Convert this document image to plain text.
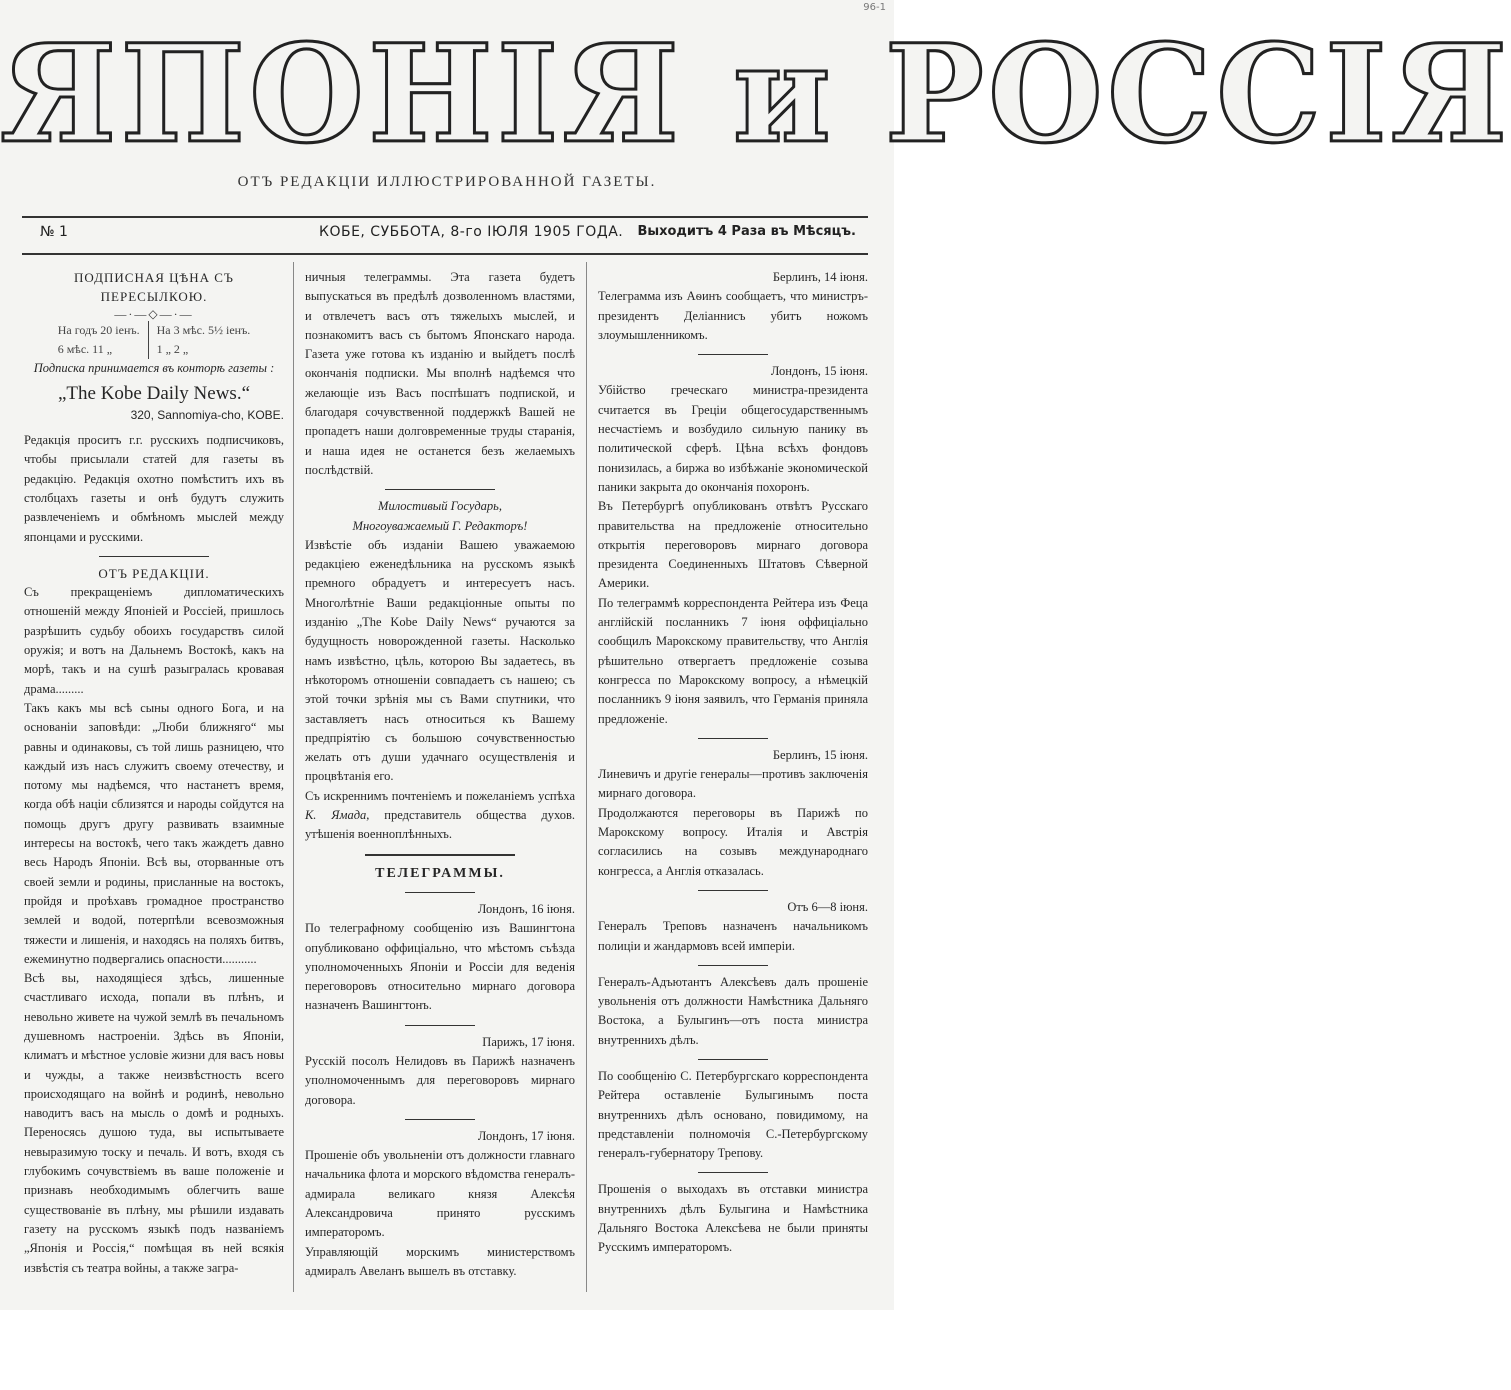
96-1
ЯПОНІЯ и РОССІЯ
ОТЪ РЕДАКЦІИ ИЛЛЮСТРИРОВАННОЙ ГАЗЕТЫ.
№ 1	КОБЕ, СУББОТА, 8-го ІЮЛЯ 1905 ГОДА. Выходитъ 4 Раза въ Мѣсяцъ.
ПОДПИСНАЯ ЦѢНА СЪ ПЕРЕСЫЛКОЮ.
—·—◇—·—
На годъ 20 іенъ.
6 мѣс. 11 „
На 3 мѣс. 5½ іенъ.
1 „ 2 „
Подписка принимается въ конторѣ газеты :
„The Kobe Daily News.“
320, Sannomiya-cho, KOBE.
Редакція проситъ г.г. русскихъ подписчиковъ, чтобы присылали статей для газеты въ редакцію. Редакція охотно помѣститъ ихъ въ столбцахъ газеты и онѣ будутъ служить развлеченіемъ и обмѣномъ мыслей между японцами и русскими.
ОТЪ РЕДАКЦІИ.
Съ прекращеніемъ дипломатическихъ отношеній между Японіей и Россіей, пришлось разрѣшить судьбу обоихъ государствъ силой оружія; и вотъ на Дальнемъ Востокѣ, какъ на морѣ, такъ и на сушѣ разыгралась кровавая драма.........
Такъ какъ мы всѣ сыны одного Бога, и на основаніи заповѣди: „Люби ближняго“ мы равны и одинаковы, съ той лишь разницею, что каждый изъ насъ служитъ своему отечеству, и потому мы надѣемся, что настанетъ время, когда обѣ націи сблизятся и народы сойдутся на помощь другъ другу развивать взаимные интересы на востокѣ, чего такъ жаждетъ давно весь Народъ Японіи. Всѣ вы, оторванные отъ своей земли и родины, присланные на востокъ, пройдя и проѣхавъ громадное пространство землей и водой, потерпѣли всевозможныя тяжести и лишенія, и находясь на поляхъ битвъ, ежеминутно подвергались опасности...........
Всѣ вы, находящіеся здѣсь, лишенные счастливаго исхода, попали въ плѣнъ, и невольно живете на чужой землѣ въ печальномъ душевномъ настроеніи. Здѣсь въ Японіи, климатъ и мѣстное условіе жизни для васъ новы и чужды, а также неизвѣстность всего происходящаго на войнѣ и родинѣ, невольно наводитъ васъ на мысль о домѣ и родныхъ. Переносясь душою туда, вы испытываете невыразимую тоску и печаль. И вотъ, входя съ глубокимъ сочувствіемъ въ ваше положеніе и признавъ необходимымъ облегчить ваше существованіе въ плѣну, мы рѣшили издавать газету на русскомъ языкѣ подъ названіемъ „Японія и Россія,“ помѣщая въ ней всякія извѣстія съ театра войны, а также загра-
ничныя телеграммы. Эта газета будетъ выпускаться въ предѣлѣ дозволенномъ властями, и отвлечетъ васъ отъ тяжелыхъ мыслей, и познакомитъ васъ съ бытомъ Японскаго народа. Газета уже готова къ изданію и выйдетъ послѣ окончанія подписки. Мы вполнѣ надѣемся что желающіе изъ Васъ поспѣшатъ подпиской, и благодаря сочувственной поддержкѣ Вашей не пропадетъ наши долговременные труды старанія, и наша идея не останется безъ желаемыхъ послѣдствій.
Милостивый Государь,
Многоуважаемый Г. Редакторъ!
Извѣстіе объ изданіи Вашею уважаемою редакціею еженедѣльника на русскомъ языкѣ премного обрадуетъ и интересуетъ насъ. Многолѣтніе Ваши редакціонные опыты по изданію „The Kobe Daily News“ ручаются за будущность новорожденной газеты. Насколько намъ извѣстно, цѣль, которою Вы задаетесь, въ нѣкоторомъ отношеніи совпадаетъ съ нашею; съ этой точки зрѣнія мы съ Вами спутники, что заставляетъ насъ относиться къ Вашему предпріятію съ большою сочувственностью желать отъ души удачнаго осуществленія и процвѣтанія его.
Съ искреннимъ почтеніемъ и пожеланіемъ успѣха К. Ямада, представитель общества духов. утѣшенія военноплѣнныхъ.
ТЕЛЕГРАММЫ.
Лондонъ, 16 іюня.
По телеграфному сообщенію изъ Вашингтона опубликовано оффиціально, что мѣстомъ съѣзда уполномоченныхъ Японіи и Россіи для веденія переговоровъ относительно мирнаго договора назначенъ Вашингтонъ.
Парижъ, 17 іюня.
Русскій посолъ Нелидовъ въ Парижѣ назначенъ уполномоченнымъ для переговоровъ мирнаго договора.
Лондонъ, 17 іюня.
Прошеніе объ увольненіи отъ должности главнаго начальника флота и морского вѣдомства генералъ-адмирала великаго князя Алексѣя Александровича принято русскимъ императоромъ.
Управляющій морскимъ министерствомъ адмиралъ Авеланъ вышелъ въ отставку.
Берлинъ, 14 іюня.
Телеграмма изъ Аѳинъ сообщаетъ, что министръ-президентъ Деліаннисъ убитъ ножомъ злоумышленникомъ.
Лондонъ, 15 іюня.
Убійство греческаго министра-президента считается въ Греціи общегосударственнымъ несчастіемъ и возбудило сильную панику въ политической сферѣ. Цѣна всѣхъ фондовъ понизилась, а биржа во избѣжаніе экономической паники закрыта до окончанія похоронъ.
Въ Петербургѣ опубликованъ отвѣтъ Русскаго правительства на предложеніе относительно открытія переговоровъ мирнаго договора президента Соединенныхъ Штатовъ Сѣверной Америки.
По телеграммѣ корреспондента Рейтера изъ Феца англійскій посланникъ 7 іюня оффиціально сообщилъ Марокскому правительству, что Англія рѣшительно отвергаетъ предложеніе созыва конгресса по Марокскому вопросу, а нѣмецкій посланникъ 9 іюня заявилъ, что Германія приняла предложеніе.
Берлинъ, 15 іюня.
Линевичъ и другіе генералы—противъ заключенія мирнаго договора.
Продолжаются переговоры въ Парижѣ по Марокскому вопросу. Италія и Австрія согласились на созывъ международнаго конгресса, а Англія отказалась.
Отъ 6—8 іюня.
Генералъ Треповъ назначенъ начальникомъ полиціи и жандармовъ всей имперіи.
Генералъ-Адъютантъ Алексѣевъ далъ прошеніе увольненія отъ должности Намѣстника Дальняго Востока, а Булыгинъ—отъ поста министра внутреннихъ дѣлъ.
По сообщенію С. Петербургскаго корреспондента Рейтера оставленіе Булыгинымъ поста внутреннихъ дѣлъ основано, повидимому, на представленіи полномочія С.-Петербургскому генералъ-губернатору Трепову.
Прошенія о выходахъ въ отставки министра внутреннихъ дѣлъ Булыгина и Намѣстника Дальняго Востока Алексѣева не были приняты Русскимъ императоромъ.
